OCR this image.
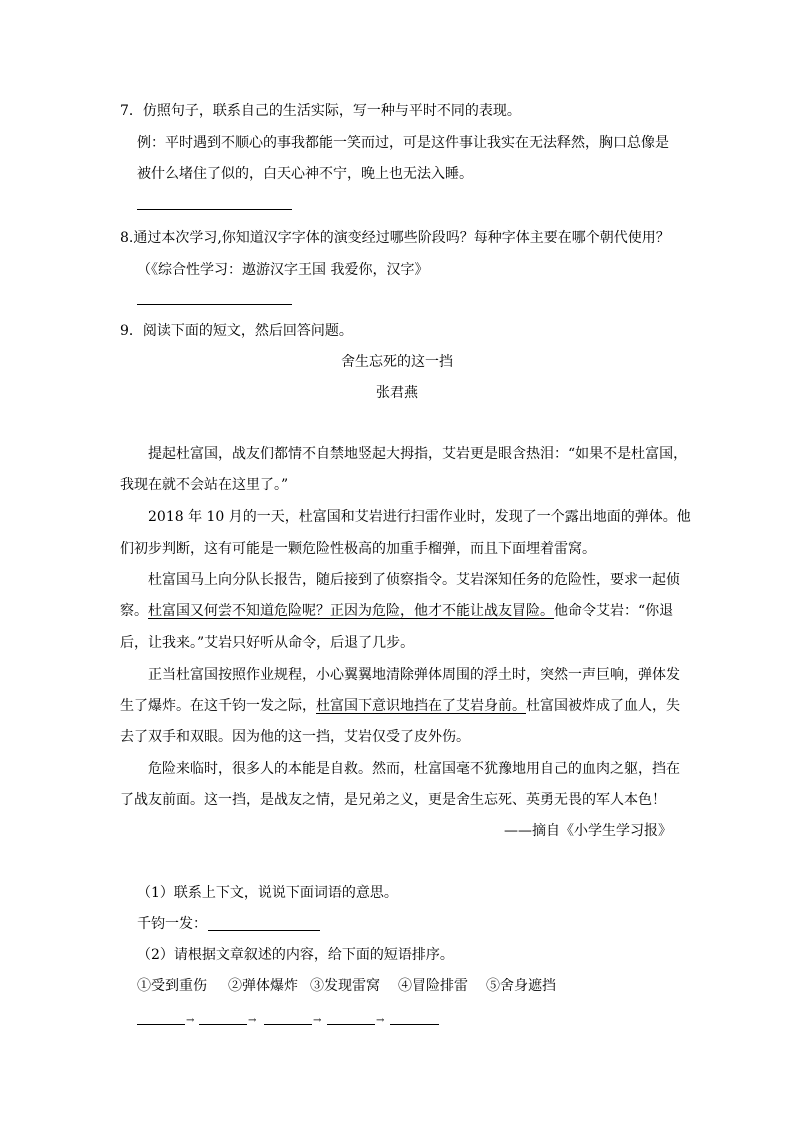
7．仿照句子，联系自己的生活实际，写一种与平时不同的表现。
例：平时遇到不顺心的事我都能一笑而过，可是这件事让我实在无法释然，胸口总像是
被什么堵住了似的，白天心神不宁，晚上也无法入睡。
8.通过本次学习,你知道汉字字体的演变经过哪些阶段吗？每种字体主要在哪个朝代使用？
（《综合性学习：遨游汉字王国 我爱你，汉字》
9．阅读下面的短文，然后回答问题。
舍生忘死的这一挡
张君燕
提起杜富国，战友们都情不自禁地竖起大拇指，艾岩更是眼含热泪：“如果不是杜富国，
我现在就不会站在这里了。”
2018 年 10 月的一天，杜富国和艾岩进行扫雷作业时，发现了一个露出地面的弹体。他
们初步判断，这有可能是一颗危险性极高的加重手榴弹，而且下面埋着雷窝。
杜富国马上向分队长报告，随后接到了侦察指令。艾岩深知任务的危险性，要求一起侦
察。杜富国又何尝不知道危险呢？正因为危险，他才不能让战友冒险。他命令艾岩：“你退
后，让我来。”艾岩只好听从命令，后退了几步。
正当杜富国按照作业规程，小心翼翼地清除弹体周围的浮土时，突然一声巨响，弹体发
生了爆炸。在这千钧一发之际，杜富国下意识地挡在了艾岩身前。杜富国被炸成了血人，失
去了双手和双眼。因为他的这一挡，艾岩仅受了皮外伤。
危险来临时，很多人的本能是自救。然而，杜富国毫不犹豫地用自己的血肉之躯，挡在
了战友前面。这一挡，是战友之情，是兄弟之义，更是舍生忘死、英勇无畏的军人本色！
——摘自《小学生学习报》
（1）联系上下文，说说下面词语的意思。
千钧一发：
（2）请根据文章叙述的内容，给下面的短语排序。
①受到重伤 ②弹体爆炸 ③发现雷窝 ④冒险排雷 ⑤舍身遮挡
→	→	→	→
